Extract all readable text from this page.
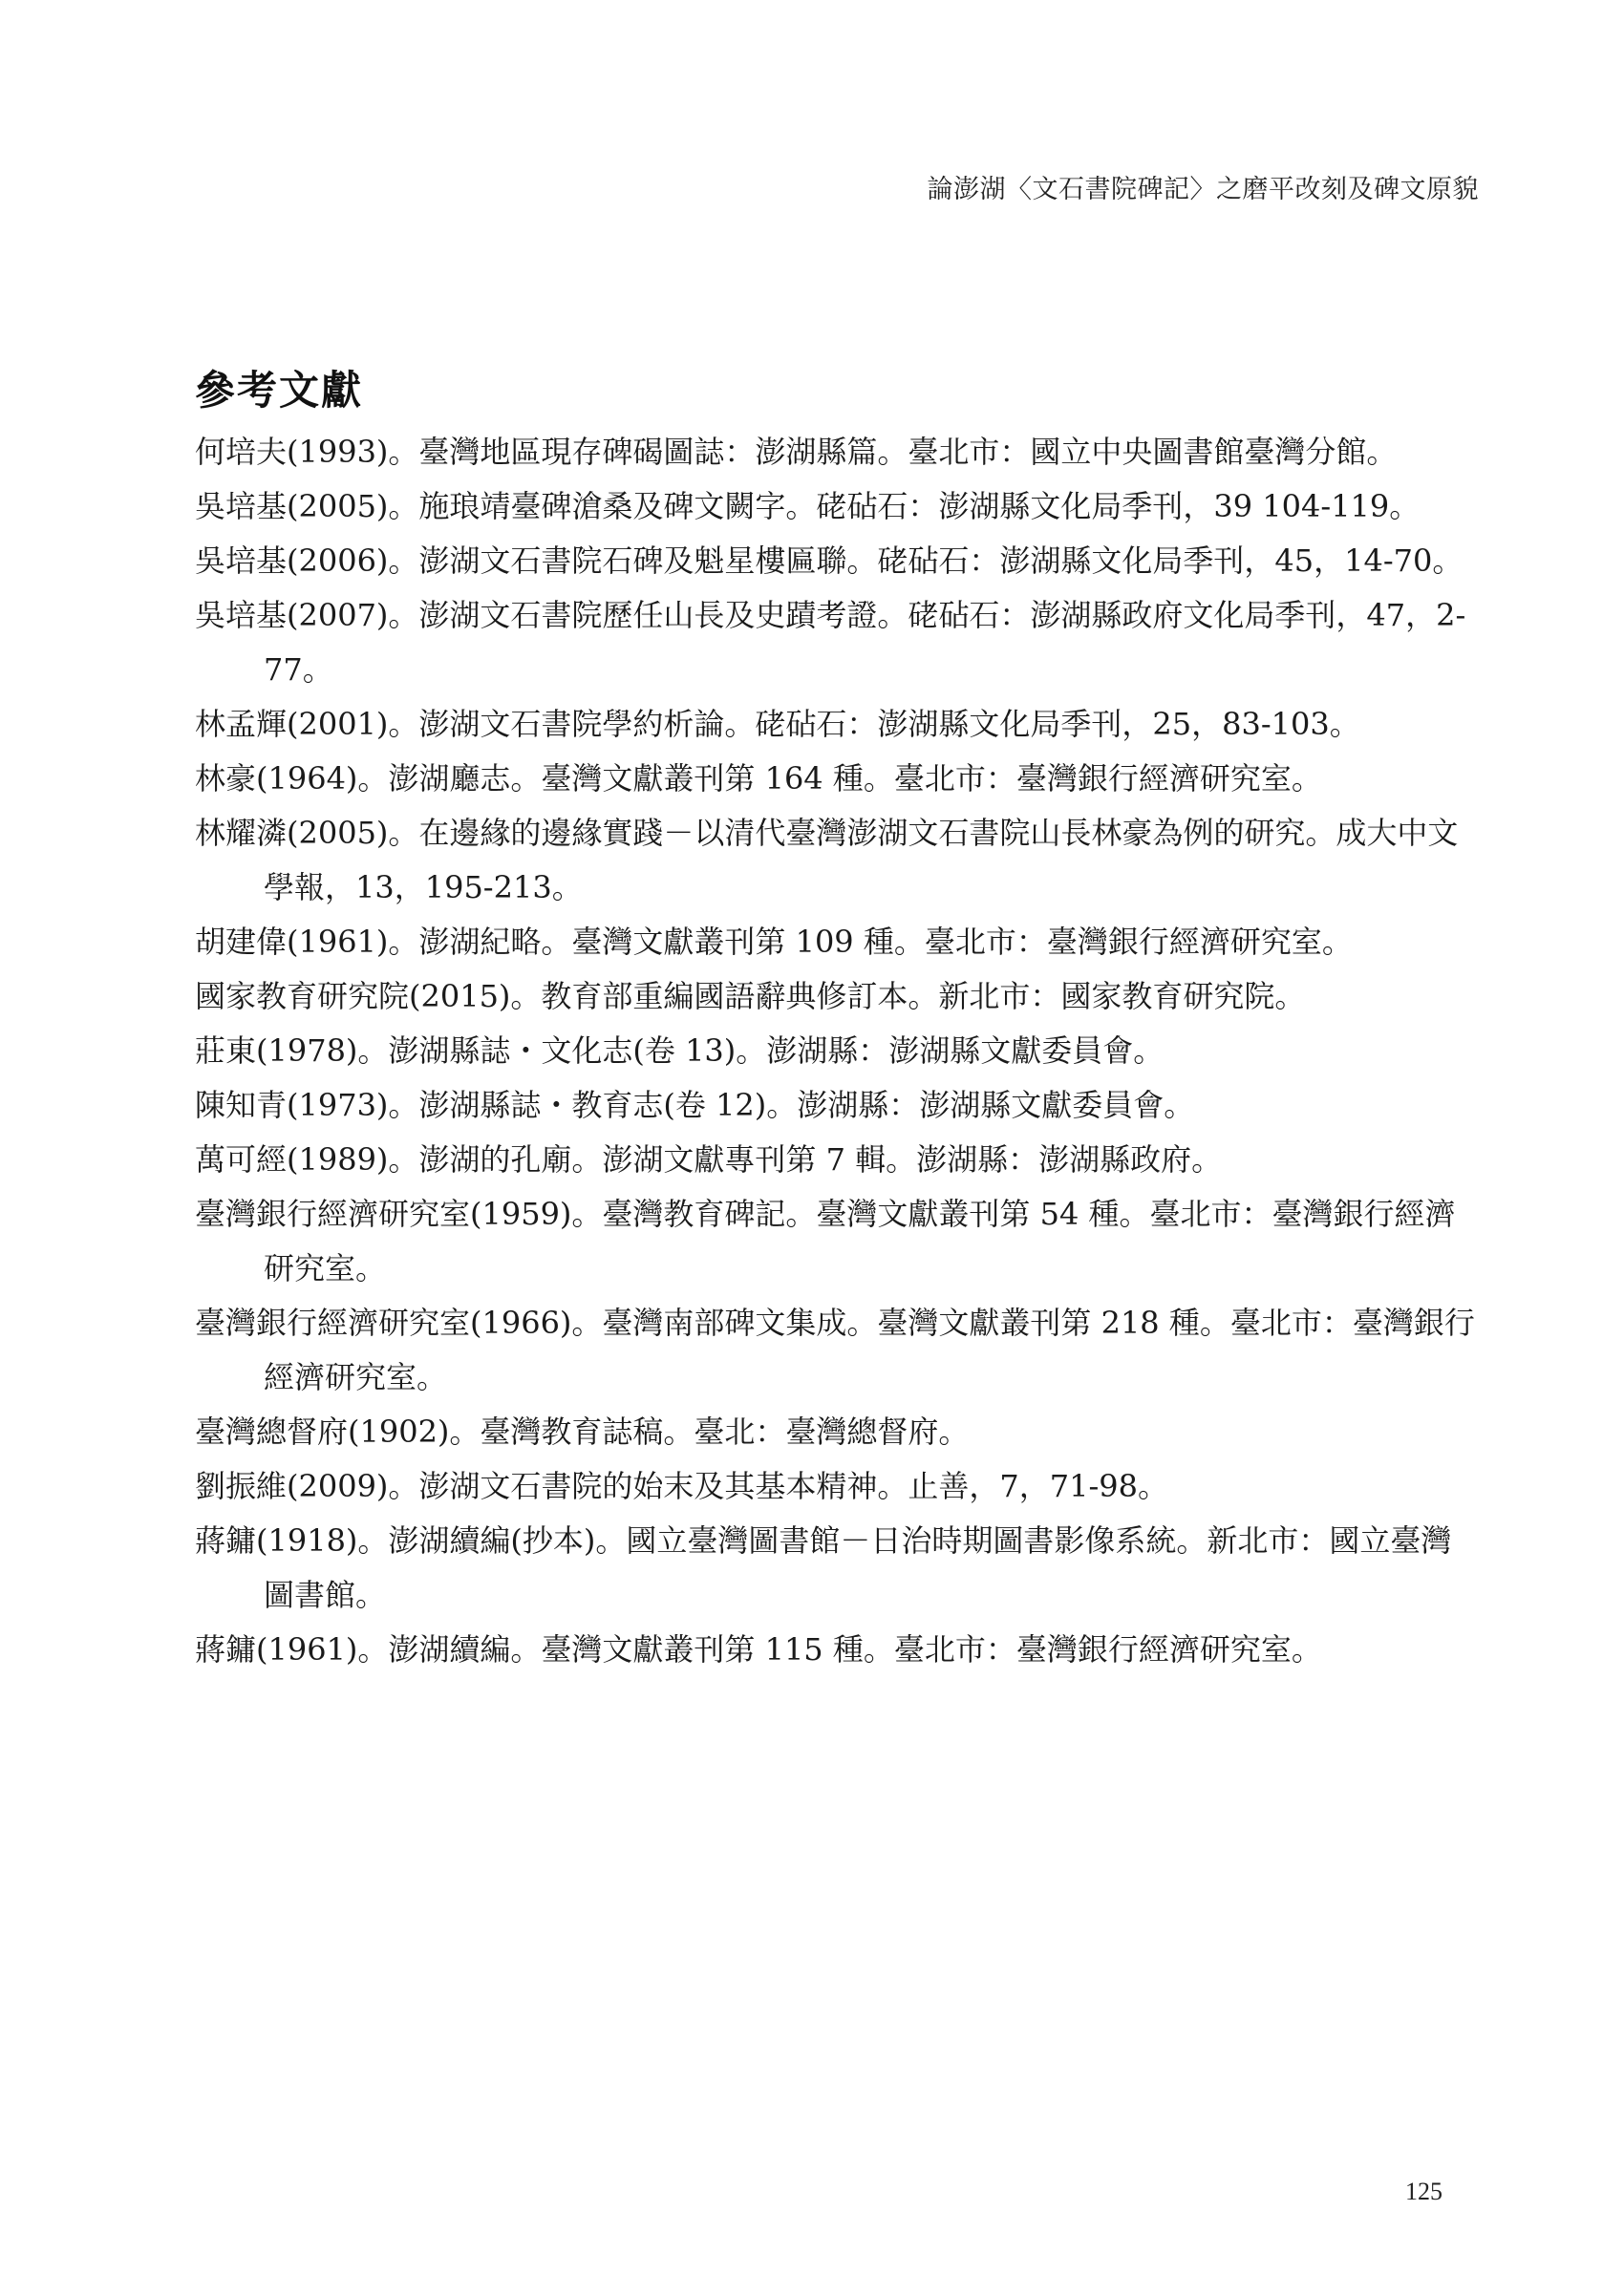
論澎湖〈文石書院碑記〉之磨平改刻及碑文原貌
參考文獻
何培夫(1993)。臺灣地區現存碑碣圖誌：澎湖縣篇。臺北市：國立中央圖書館臺灣分館。
吳培基(2005)。施琅靖臺碑滄桑及碑文闕字。硓砧石：澎湖縣文化局季刊，39 104-119。
吳培基(2006)。澎湖文石書院石碑及魁星樓匾聯。硓砧石：澎湖縣文化局季刊，45，14-70。
吳培基(2007)。澎湖文石書院歷任山長及史蹟考證。硓砧石：澎湖縣政府文化局季刊，47，2-77。
林孟輝(2001)。澎湖文石書院學約析論。硓砧石：澎湖縣文化局季刊，25，83-103。
林豪(1964)。澎湖廳志。臺灣文獻叢刊第 164 種。臺北市：臺灣銀行經濟研究室。
林耀潾(2005)。在邊緣的邊緣實踐－以清代臺灣澎湖文石書院山長林豪為例的研究。成大中文學報，13，195-213。
胡建偉(1961)。澎湖紀略。臺灣文獻叢刊第 109 種。臺北市：臺灣銀行經濟研究室。
國家教育研究院(2015)。教育部重編國語辭典修訂本。新北市：國家教育研究院。
莊東(1978)。澎湖縣誌・文化志(卷 13)。澎湖縣：澎湖縣文獻委員會。
陳知青(1973)。澎湖縣誌・教育志(卷 12)。澎湖縣：澎湖縣文獻委員會。
萬可經(1989)。澎湖的孔廟。澎湖文獻專刊第 7 輯。澎湖縣：澎湖縣政府。
臺灣銀行經濟研究室(1959)。臺灣教育碑記。臺灣文獻叢刊第 54 種。臺北市：臺灣銀行經濟研究室。
臺灣銀行經濟研究室(1966)。臺灣南部碑文集成。臺灣文獻叢刊第 218 種。臺北市：臺灣銀行經濟研究室。
臺灣總督府(1902)。臺灣教育誌稿。臺北：臺灣總督府。
劉振維(2009)。澎湖文石書院的始末及其基本精神。止善，7，71-98。
蔣鏞(1918)。澎湖續編(抄本)。國立臺灣圖書館－日治時期圖書影像系統。新北市：國立臺灣圖書館。
蔣鏞(1961)。澎湖續編。臺灣文獻叢刊第 115 種。臺北市：臺灣銀行經濟研究室。
125
